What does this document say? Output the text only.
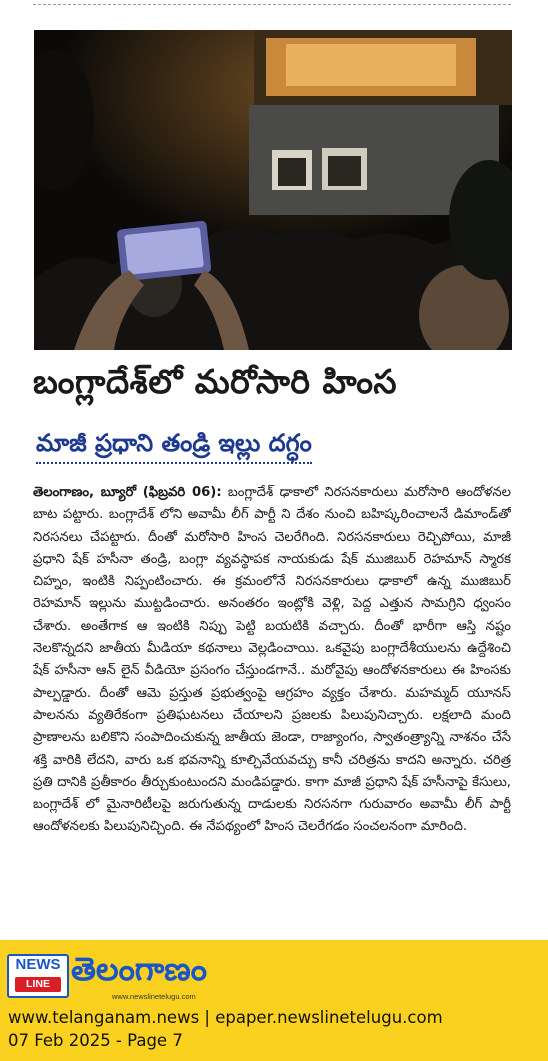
బంగ్లాదేశ్‌లో మరోసారి హింస
మాజీ ప్రధాని తండ్రి ఇల్లు దగ్ధం
తెలంగాణం, బ్యూరో (ఫిబ్రవరి 06): బంగ్లాదేశ్ ఢాకాలో నిరసనకారులు మరోసారి ఆందోళనల బాట పట్టారు. బంగ్లాదేశ్ లోని అవామీ లీగ్ పార్టీ ని దేశం నుంచి బహిష్కరించాలనే డిమాండ్‌తో నిరసనలు చేపట్టారు. దీంతో మరోసారి హింస చెలరేగింది. నిరసనకారులు రెచ్చిపోయి, మాజీ ప్రధాని షేక్ హసీనా తండ్రి, బంగ్లా వ్యవస్థాపక నాయకుడు షేక్ ముజిబుర్ రెహమాన్ స్మారక చిహ్నం, ఇంటికి నిప్పంటించారు. ఈ క్రమంలోనే నిరసనకారులు ఢాకాలో ఉన్న ముజిబుర్ రెహమాన్ ఇల్లును ముట్టడించారు. అనంతరం ఇంట్లోకి వెళ్లి, పెద్ద ఎత్తున సామగ్రిని ధ్వంసం చేశారు. అంతేగాక ఆ ఇంటికి నిప్పు పెట్టి బయటికి వచ్చారు. దీంతో భారీగా ఆస్తి నష్టం నెలకొన్నదని జాతీయ మీడియా కథనాలు వెల్లడించాయి. ఒకవైపు బంగ్లాదేశీయులను ఉద్దేశించి షేక్ హసీనా ఆన్ లైన్ వీడియో ప్రసంగం చేస్తుండగానే.. మరోవైపు ఆందోళనకారులు ఈ హింసకు పాల్పడ్డారు. దీంతో ఆమె ప్రస్తుత ప్రభుత్వంపై ఆగ్రహం వ్యక్తం చేశారు. మహమ్మద్ యూనస్ పాలనను వ్యతిరేకంగా ప్రతిఘటనలు చేయాలని ప్రజలకు పిలుపునిచ్చారు. లక్షలాది మంది ప్రాణాలను బలికొని సంపాదించుకున్న జాతీయ జెండా, రాజ్యాంగం, స్వాతంత్ర్యాన్ని నాశనం చేసే శక్తి వారికి లేదని, వారు ఒక భవనాన్ని కూల్చివేయవచ్చు కానీ చరిత్రను కాదని అన్నారు. చరిత్ర ప్రతి దానికి ప్రతీకారం తీర్చుకుంటుందని మండిపడ్డారు. కాగా మాజీ ప్రధాని షేక్ హసీనాపై కేసులు, బంగ్లాదేశ్ లో మైనారిటీలపై జరుగుతున్న దాడులకు నిరసనగా గురువారం అవామీ లీగ్ పార్టీ ఆందోళనలకు పిలుపునిచ్చింది. ఈ నేపథ్యంలో హింస చెలరేగడం సంచలనంగా మారింది.
NEWS
LINE తెలంగాణం
www.newslinetelugu.com
www.telanganam.news | epaper.newslinetelugu.com
07 Feb 2025 - Page 7
